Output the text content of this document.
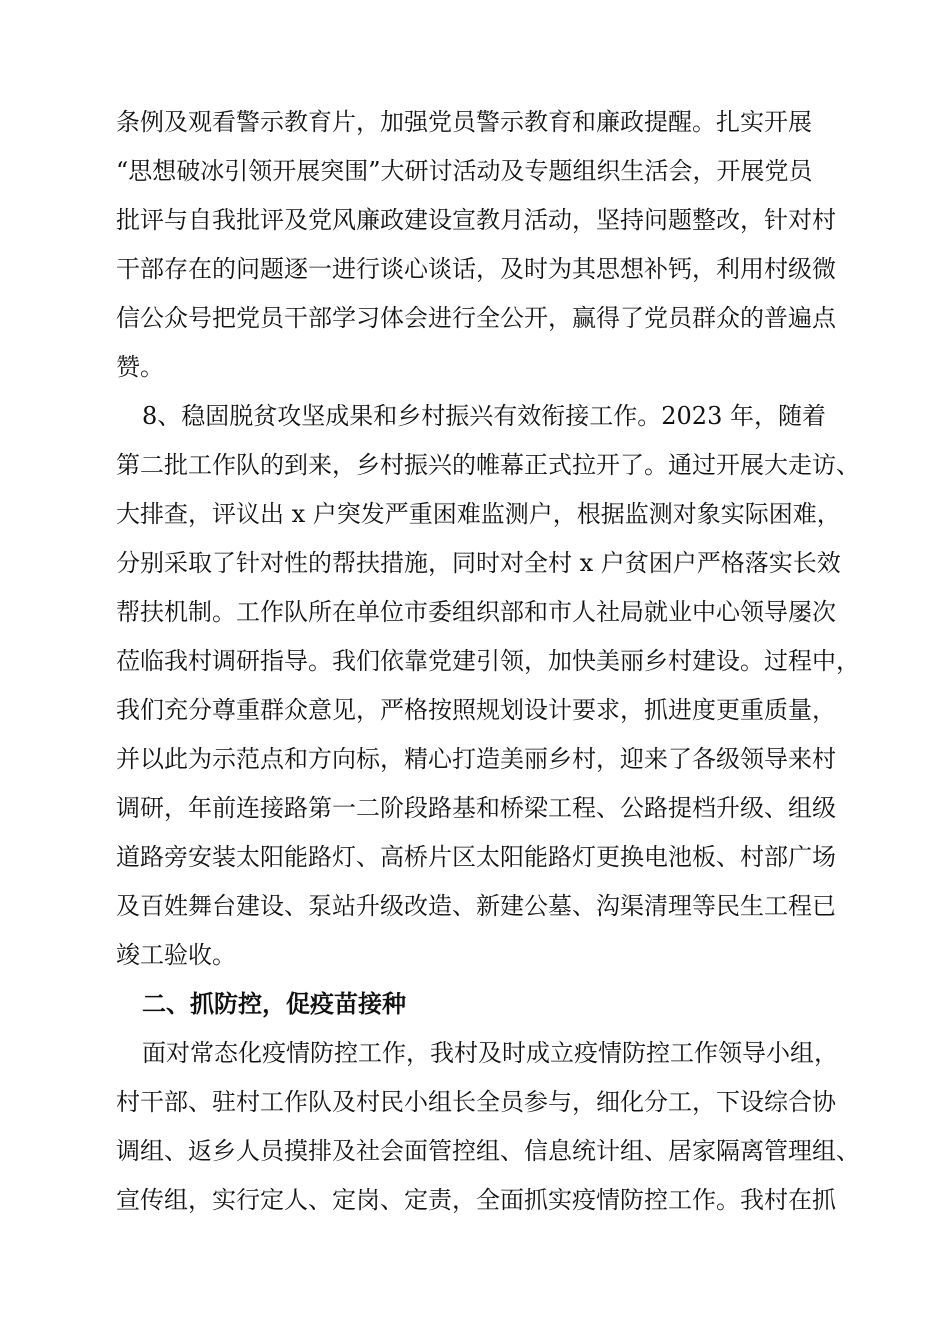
条例及观看警示教育片，加强党员警示教育和廉政提醒。扎实开展
“思想破冰引领开展突围”大研讨活动及专题组织生活会，开展党员
批评与自我批评及党风廉政建设宣教月活动，坚持问题整改，针对村
干部存在的问题逐一进行谈心谈话，及时为其思想补钙，利用村级微
信公众号把党员干部学习体会进行全公开，赢得了党员群众的普遍点
赞。
8、稳固脱贫攻坚成果和乡村振兴有效衔接工作。2023 年，随着
第二批工作队的到来，乡村振兴的帷幕正式拉开了。通过开展大走访、
大排查，评议出 x 户突发严重困难监测户，根据监测对象实际困难，
分别采取了针对性的帮扶措施，同时对全村 x 户贫困户严格落实长效
帮扶机制。工作队所在单位市委组织部和市人社局就业中心领导屡次
莅临我村调研指导。我们依靠党建引领，加快美丽乡村建设。过程中，
我们充分尊重群众意见，严格按照规划设计要求，抓进度更重质量，
并以此为示范点和方向标，精心打造美丽乡村，迎来了各级领导来村
调研，年前连接路第一二阶段路基和桥梁工程、公路提档升级、组级
道路旁安装太阳能路灯、高桥片区太阳能路灯更换电池板、村部广场
及百姓舞台建设、泵站升级改造、新建公墓、沟渠清理等民生工程已
竣工验收。
二、抓防控，促疫苗接种
面对常态化疫情防控工作，我村及时成立疫情防控工作领导小组，
村干部、驻村工作队及村民小组长全员参与，细化分工，下设综合协
调组、返乡人员摸排及社会面管控组、信息统计组、居家隔离管理组、
宣传组，实行定人、定岗、定责，全面抓实疫情防控工作。我村在抓
